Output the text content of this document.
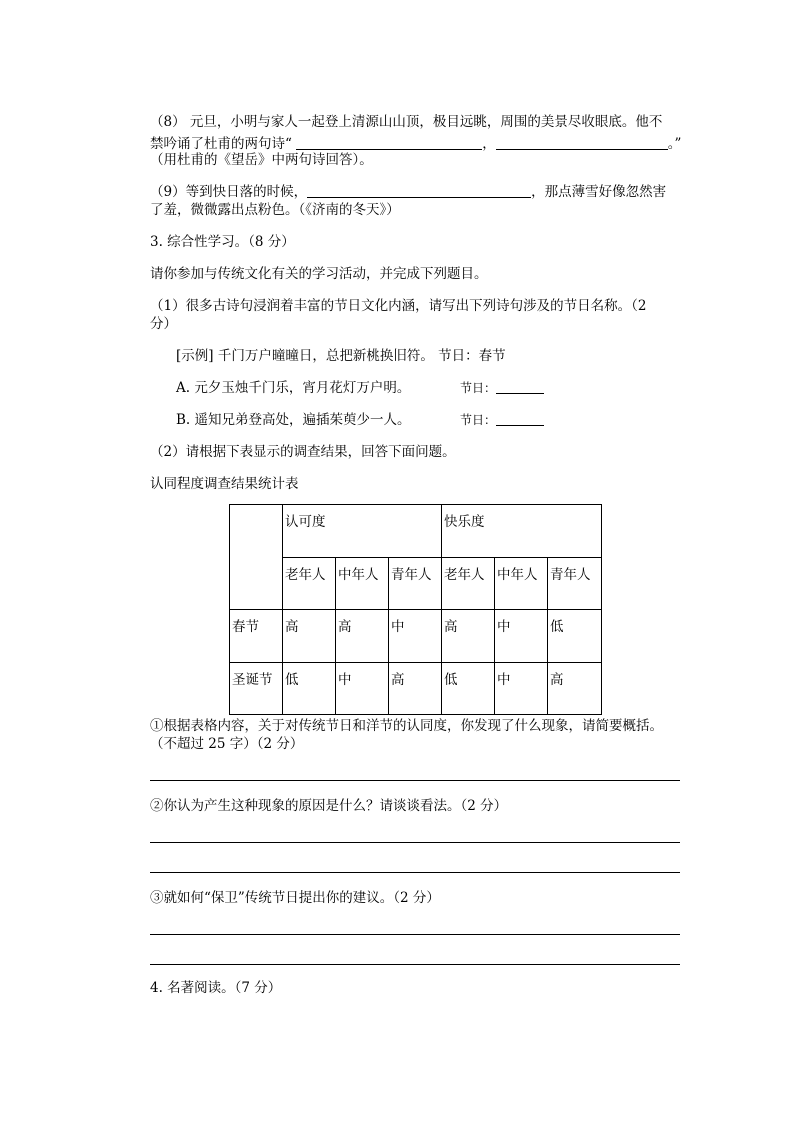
（8） 元旦，小明与家人一起登上清源山山顶，极目远眺，周围的美景尽收眼底。他不
禁吟诵了杜甫的两句诗“	，	。”
（用杜甫的《望岳》中两句诗回答）。
（9）等到快日落的时候，	，那点薄雪好像忽然害
了羞，微微露出点粉色。（《济南的冬天》）
3. 综合性学习。（8 分）
请你参加与传统文化有关的学习活动，并完成下列题目。
（1）很多古诗句浸润着丰富的节日文化内涵，请写出下列诗句涉及的节日名称。（2
分）
[示例] 千门万户曈曈日，总把新桃换旧符。 节日：春节
A. 元夕玉烛千门乐，宵月花灯万户明。	节日：
B. 遥知兄弟登高处，遍插茱萸少一人。	节日：
（2）请根据下表显示的调查结果，回答下面问题。
认同程度调查结果统计表
	认可度			快乐度		
	老年人	中年人	青年人	老年人	中年人	青年人
春节	高	高	中	高	中	低
圣诞节	低	中	高	低	中	高
①根据表格内容，关于对传统节日和洋节的认同度，你发现了什么现象，请简要概括。
（不超过 25 字）（2 分）
②你认为产生这种现象的原因是什么？请谈谈看法。（2 分）
③就如何“保卫”传统节日提出你的建议。（2 分）
4. 名著阅读。（7 分）
